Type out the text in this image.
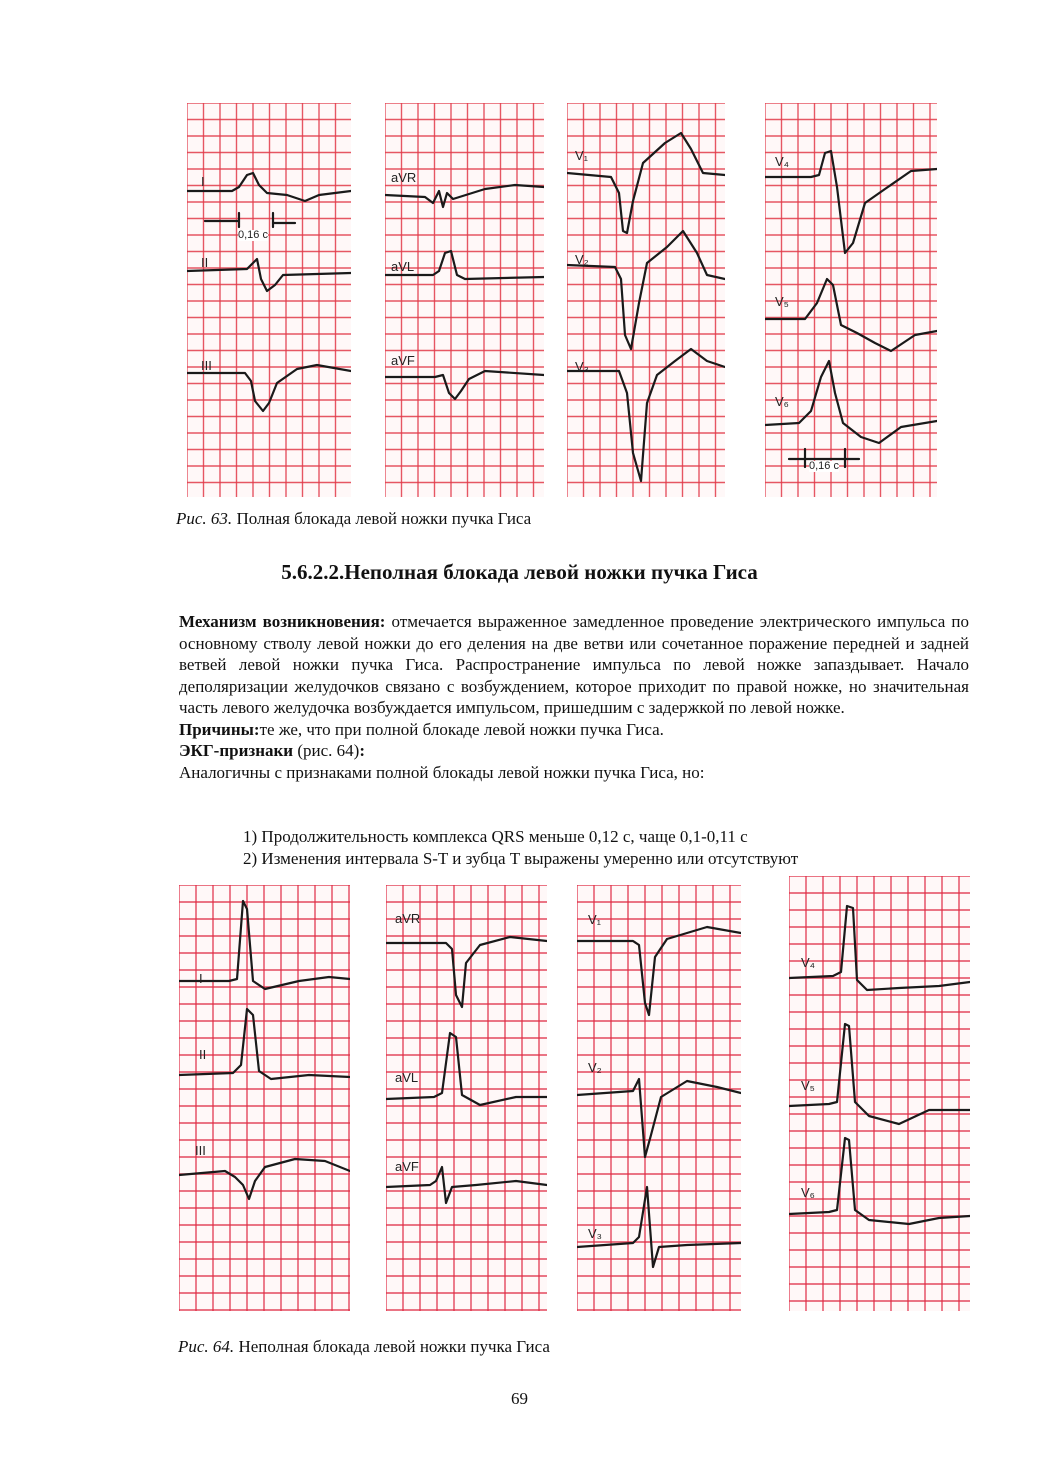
I
II
III
0,16 с
aVR
aVL
aVF
V₁
V₂
V₃
V₄
V₅
V₆
0,16 с
Рис. 63. Полная блокада левой ножки пучка Гиса
5.6.2.2.Неполная блокада левой ножки пучка Гиса

Механизм возникновения: отмечается выраженное замедленное проведение электрического импульса по основному стволу левой ножки до его деления на две ветви или сочетанное поражение передней и задней ветвей левой ножки пучка Гиса. Распространение импульса по левой ножке запаздывает. Начало деполяризации желудочков связано с возбуждением, которое приходит по правой ножке, но значительная часть левого желудочка возбуждается импульсом, пришедшим с задержкой по левой ножке.

Причины:те же, что при полной блокаде левой ножки пучка Гиса.

ЭКГ-признаки (рис. 64):

Аналогичны с признаками полной блокады левой ножки пучка Гиса, но:

1) Продолжительность комплекса QRS меньше 0,12 с, чаще 0,1-0,11 с
2) Изменения интервала S-T и зубца T выражены умеренно или отсутствуют
I
II
III
aVR
aVL
aVF
V₁
V₂
V₃
V₄
V₅
V₆
Рис. 64. Неполная блокада левой ножки пучка Гиса
69
